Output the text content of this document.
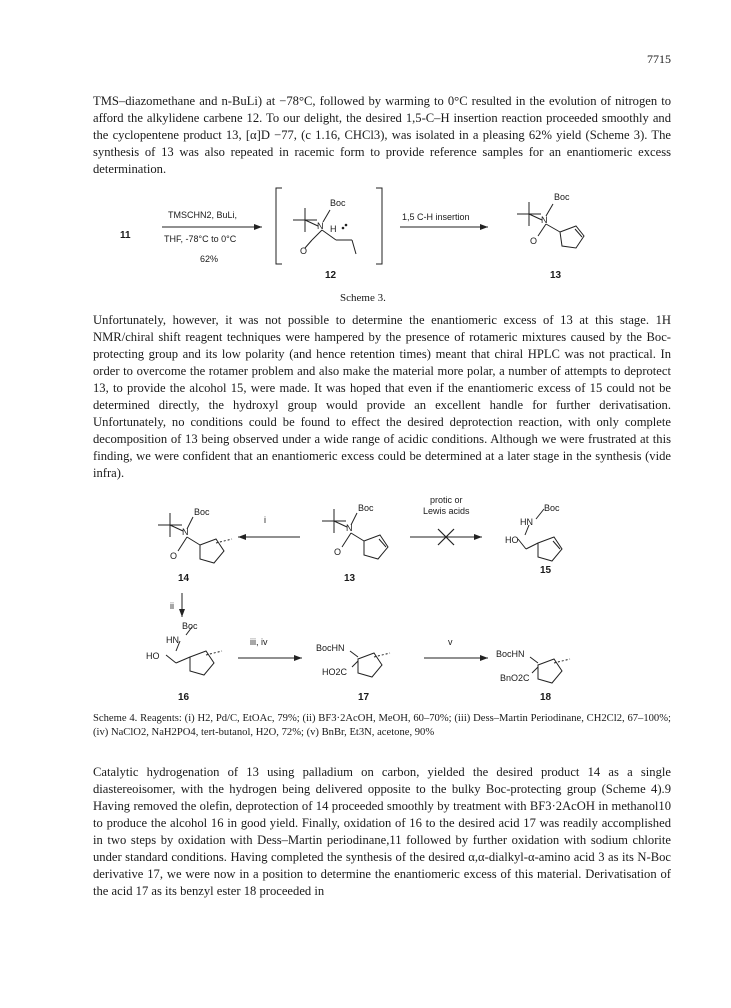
7715

TMS–diazomethane and n-BuLi) at −78°C, followed by warming to 0°C resulted in the evolution of nitrogen to afford the alkylidene carbene 12. To our delight, the desired 1,5-C–H insertion reaction proceeded smoothly and the cyclopentene product 13, [α]D −77, (c 1.16, CHCl3), was isolated in a pleasing 62% yield (Scheme 3). The synthesis of 13 was also repeated in racemic form to provide reference samples for an enantiomeric excess determination.

11
TMSCHN2, BuLi,
THF, -78°C to 0°C
62%
Boc
N H
O
12
1,5 C-H insertion
Boc
N
O
13

Scheme 3.

Unfortunately, however, it was not possible to determine the enantiomeric excess of 13 at this stage. 1H NMR/chiral shift reagent techniques were hampered by the presence of rotameric mixtures caused by the Boc-protecting group and its low polarity (and hence retention times) meant that chiral HPLC was not practical. In order to overcome the rotamer problem and also make the material more polar, a number of attempts to deprotect 13, to provide the alcohol 15, were made. It was hoped that even if the enantiomeric excess of 15 could not be determined directly, the hydroxyl group would provide an excellent handle for further derivatisation. Unfortunately, no conditions could be found to effect the desired deprotection reaction, with only complete decomposition of 13 being observed under a wide range of acidic conditions. Although we were frustrated at this finding, we were confident that an enantiomeric excess could be determined at a later stage in the synthesis (vide infra).

protic or
Lewis acids
Boc
N
O
14
i
Boc
N
O
13
Boc
HN
HO
15
ii
Boc
HN
HO
16
iii, iv
BocHN
HO2C
17
v
BocHN
BnO2C
18

Scheme 4. Reagents: (i) H2, Pd/C, EtOAc, 79%; (ii) BF3·2AcOH, MeOH, 60–70%; (iii) Dess–Martin Periodinane, CH2Cl2, 67–100%; (iv) NaClO2, NaH2PO4, tert-butanol, H2O, 72%; (v) BnBr, Et3N, acetone, 90%

Catalytic hydrogenation of 13 using palladium on carbon, yielded the desired product 14 as a single diastereoisomer, with the hydrogen being delivered opposite to the bulky Boc-protecting group (Scheme 4).9 Having removed the olefin, deprotection of 14 proceeded smoothly by treatment with BF3·2AcOH in methanol10 to produce the alcohol 16 in good yield. Finally, oxidation of 16 to the desired acid 17 was readily accomplished in two steps by oxidation with Dess–Martin periodinane,11 followed by further oxidation with sodium chlorite under standard conditions. Having completed the synthesis of the desired α,α-dialkyl-α-amino acid 3 as its N-Boc derivative 17, we were now in a position to determine the enantiomeric excess of this material. Derivatisation of the acid 17 as its benzyl ester 18 proceeded in
